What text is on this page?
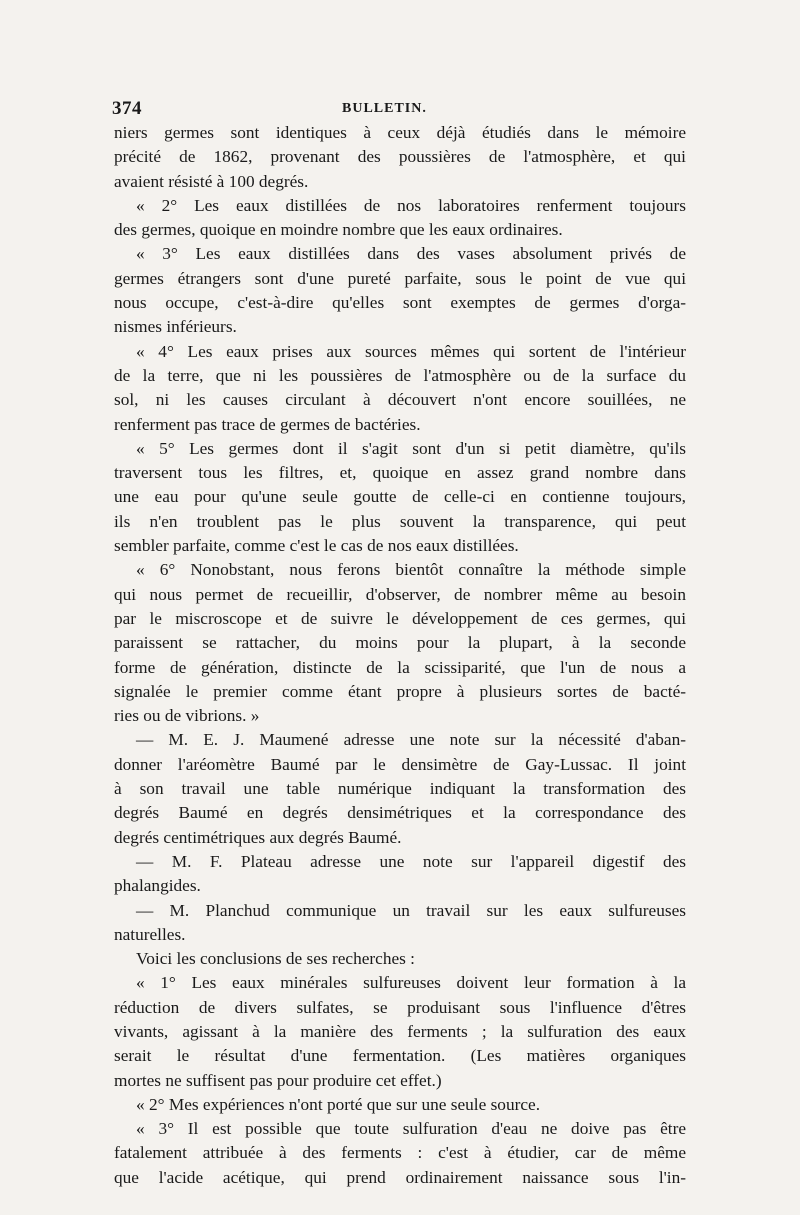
374	BULLETIN.
niers germes sont identiques à ceux déjà étudiés dans le mémoire
précité de 1862, provenant des poussières de l'atmosphère, et qui
avaient résisté à 100 degrés.
« 2° Les eaux distillées de nos laboratoires renferment toujours
des germes, quoique en moindre nombre que les eaux ordinaires.
« 3° Les eaux distillées dans des vases absolument privés de
germes étrangers sont d'une pureté parfaite, sous le point de vue qui
nous occupe, c'est-à-dire qu'elles sont exemptes de germes d'orga-
nismes inférieurs.
« 4° Les eaux prises aux sources mêmes qui sortent de l'intérieur
de la terre, que ni les poussières de l'atmosphère ou de la surface du
sol, ni les causes circulant à découvert n'ont encore souillées, ne
renferment pas trace de germes de bactéries.
« 5° Les germes dont il s'agit sont d'un si petit diamètre, qu'ils
traversent tous les filtres, et, quoique en assez grand nombre dans
une eau pour qu'une seule goutte de celle-ci en contienne toujours,
ils n'en troublent pas le plus souvent la transparence, qui peut
sembler parfaite, comme c'est le cas de nos eaux distillées.
« 6° Nonobstant, nous ferons bientôt connaître la méthode simple
qui nous permet de recueillir, d'observer, de nombrer même au besoin
par le miscroscope et de suivre le développement de ces germes, qui
paraissent se rattacher, du moins pour la plupart, à la seconde
forme de génération, distincte de la scissiparité, que l'un de nous a
signalée le premier comme étant propre à plusieurs sortes de bacté-
ries ou de vibrions. »
— M. E. J. Maumené adresse une note sur la nécessité d'aban-
donner l'aréomètre Baumé par le densimètre de Gay-Lussac. Il joint
à son travail une table numérique indiquant la transformation des
degrés Baumé en degrés densimétriques et la correspondance des
degrés centimétriques aux degrés Baumé.
— M. F. Plateau adresse une note sur l'appareil digestif des
phalangides.
— M. Planchud communique un travail sur les eaux sulfureuses
naturelles.
Voici les conclusions de ses recherches :
« 1° Les eaux minérales sulfureuses doivent leur formation à la
réduction de divers sulfates, se produisant sous l'influence d'êtres
vivants, agissant à la manière des ferments ; la sulfuration des eaux
serait le résultat d'une fermentation. (Les matières organiques
mortes ne suffisent pas pour produire cet effet.)
« 2° Mes expériences n'ont porté que sur une seule source.
« 3° Il est possible que toute sulfuration d'eau ne doive pas être
fatalement attribuée à des ferments : c'est à étudier, car de même
que l'acide acétique, qui prend ordinairement naissance sous l'in-
